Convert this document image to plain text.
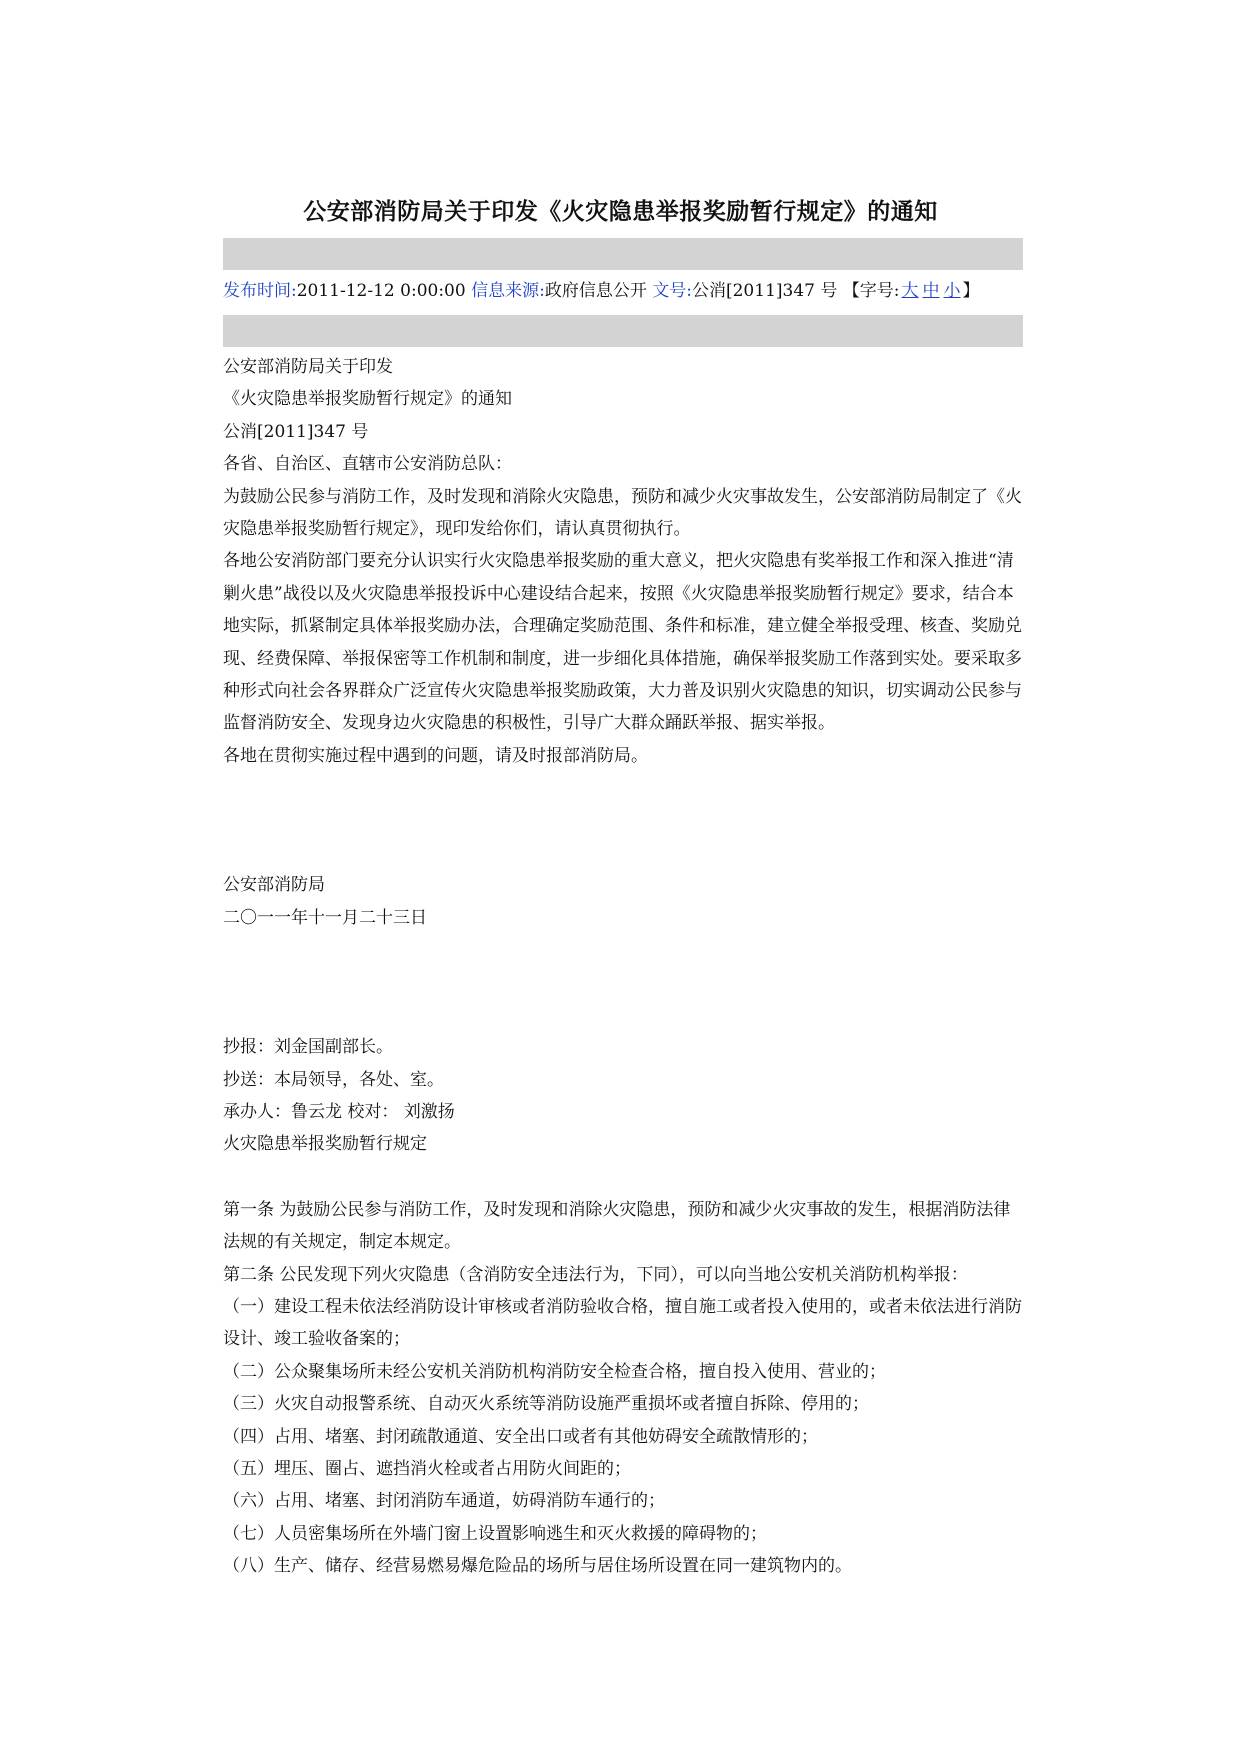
公安部消防局关于印发《火灾隐患举报奖励暂行规定》的通知
发布时间:2011-12-12 0:00:00 信息来源:政府信息公开 文号:公消[2011]347 号 【字号: 大 中 小 】

公安部消防局关于印发

《火灾隐患举报奖励暂行规定》的通知

公消[2011]347 号

各省、自治区、直辖市公安消防总队：

为鼓励公民参与消防工作，及时发现和消除火灾隐患，预防和减少火灾事故发生，公安部消防局制定了《火灾隐患举报奖励暂行规定》，现印发给你们，请认真贯彻执行。

各地公安消防部门要充分认识实行火灾隐患举报奖励的重大意义，把火灾隐患有奖举报工作和深入推进“清剿火患”战役以及火灾隐患举报投诉中心建设结合起来，按照《火灾隐患举报奖励暂行规定》要求，结合本地实际，抓紧制定具体举报奖励办法，合理确定奖励范围、条件和标准，建立健全举报受理、核查、奖励兑现、经费保障、举报保密等工作机制和制度，进一步细化具体措施，确保举报奖励工作落到实处。要采取多种形式向社会各界群众广泛宣传火灾隐患举报奖励政策，大力普及识别火灾隐患的知识，切实调动公民参与监督消防安全、发现身边火灾隐患的积极性，引导广大群众踊跃举报、据实举报。

各地在贯彻实施过程中遇到的问题，请及时报部消防局。

公安部消防局

二〇一一年十一月二十三日

抄报：刘金国副部长。

抄送：本局领导，各处、室。

承办人：鲁云龙 校对： 刘激扬

火灾隐患举报奖励暂行规定

第一条 为鼓励公民参与消防工作，及时发现和消除火灾隐患，预防和减少火灾事故的发生，根据消防法律法规的有关规定，制定本规定。

第二条 公民发现下列火灾隐患（含消防安全违法行为，下同），可以向当地公安机关消防机构举报：

（一）建设工程未依法经消防设计审核或者消防验收合格，擅自施工或者投入使用的，或者未依法进行消防设计、竣工验收备案的；

（二）公众聚集场所未经公安机关消防机构消防安全检查合格，擅自投入使用、营业的；

（三）火灾自动报警系统、自动灭火系统等消防设施严重损坏或者擅自拆除、停用的；

（四）占用、堵塞、封闭疏散通道、安全出口或者有其他妨碍安全疏散情形的；

（五）埋压、圈占、遮挡消火栓或者占用防火间距的；

（六）占用、堵塞、封闭消防车通道，妨碍消防车通行的；

（七）人员密集场所在外墙门窗上设置影响逃生和灭火救援的障碍物的；

（八）生产、储存、经营易燃易爆危险品的场所与居住场所设置在同一建筑物内的。
